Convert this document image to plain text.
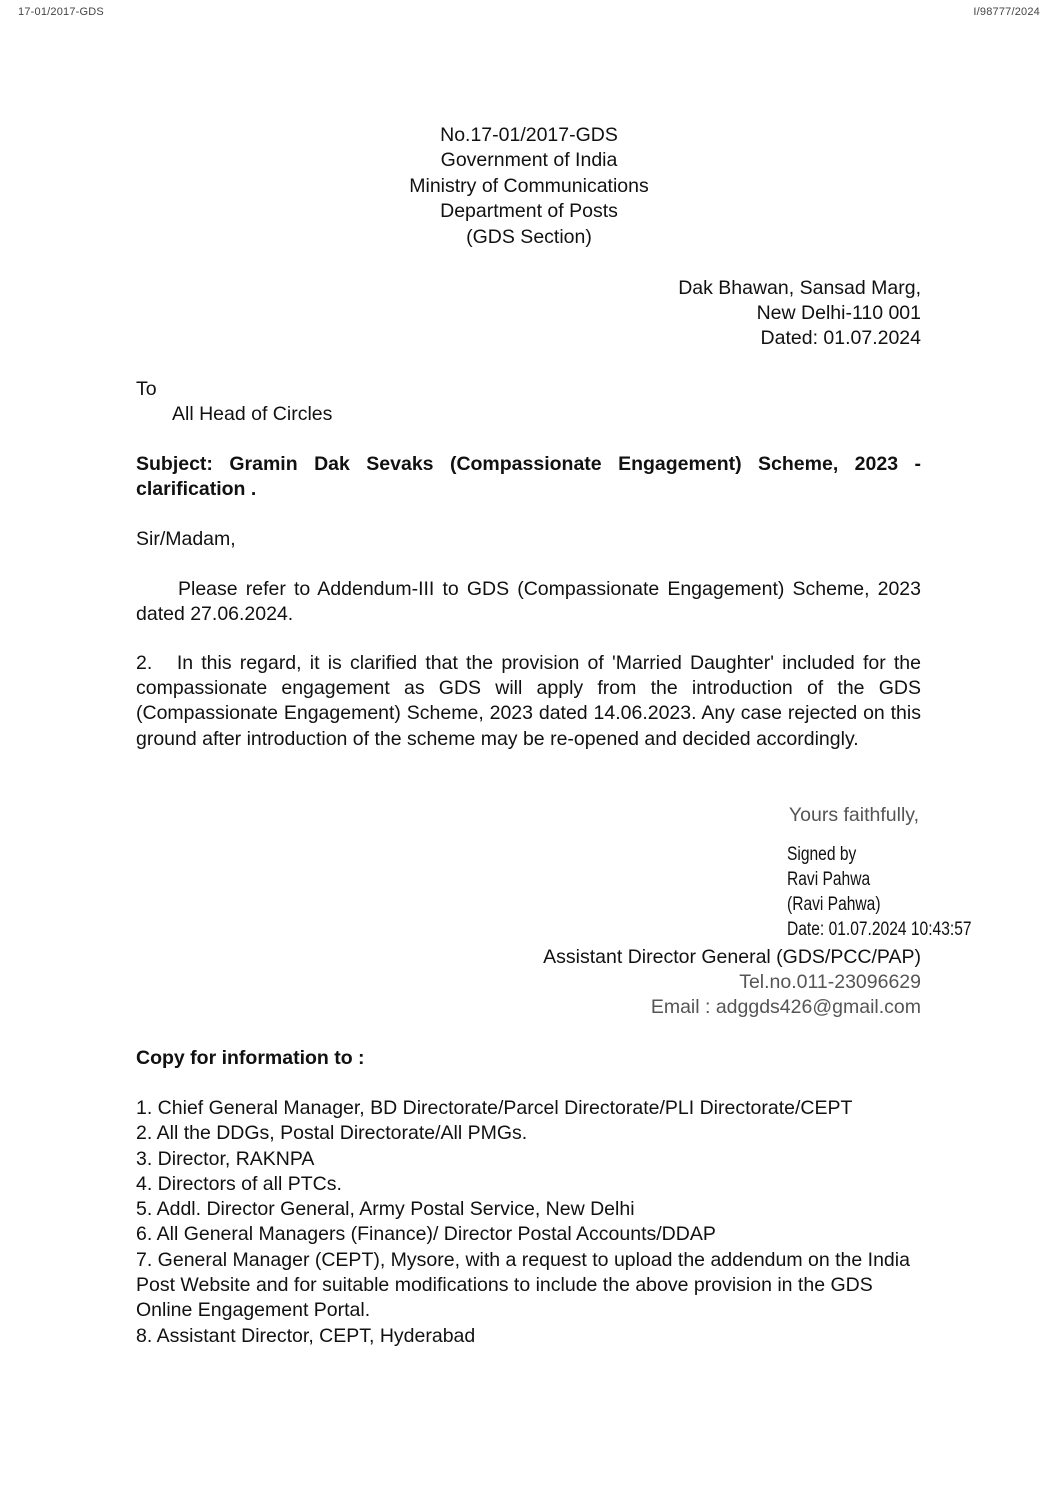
17-01/2017-GDS	I/98777/2024
No.17-01/2017-GDS
Government of India
Ministry of Communications
Department of Posts
(GDS Section)
Dak Bhawan, Sansad Marg,
New Delhi-110 001
Dated: 01.07.2024
To
All Head of Circles
Subject: Gramin Dak Sevaks (Compassionate Engagement) Scheme, 2023 - clarification .
Sir/Madam,
Please refer to Addendum-III to GDS (Compassionate Engagement) Scheme, 2023 dated 27.06.2024.
2.   In this regard, it is clarified that the provision of 'Married Daughter' included for the compassionate engagement as GDS will apply from the introduction of the GDS (Compassionate Engagement) Scheme, 2023 dated 14.06.2023. Any case rejected on this ground after introduction of the scheme may be re-opened and decided accordingly.
Yours faithfully,
Signed by
Ravi Pahwa
(Ravi Pahwa)
Date: 01.07.2024 10:43:57
Assistant Director General (GDS/PCC/PAP)
Tel.no.011-23096629
Email : adggds426@gmail.com
Copy for information to :
1. Chief General Manager, BD Directorate/Parcel Directorate/PLI Directorate/CEPT
2. All the DDGs, Postal Directorate/All PMGs.
3. Director, RAKNPA
4. Directors of all PTCs.
5. Addl. Director General, Army Postal Service, New Delhi
6. All General Managers (Finance)/ Director Postal Accounts/DDAP
7. General Manager (CEPT), Mysore, with a request to upload the addendum on the India Post Website and for suitable modifications to include the above provision in the GDS Online Engagement Portal.
8. Assistant Director, CEPT, Hyderabad
